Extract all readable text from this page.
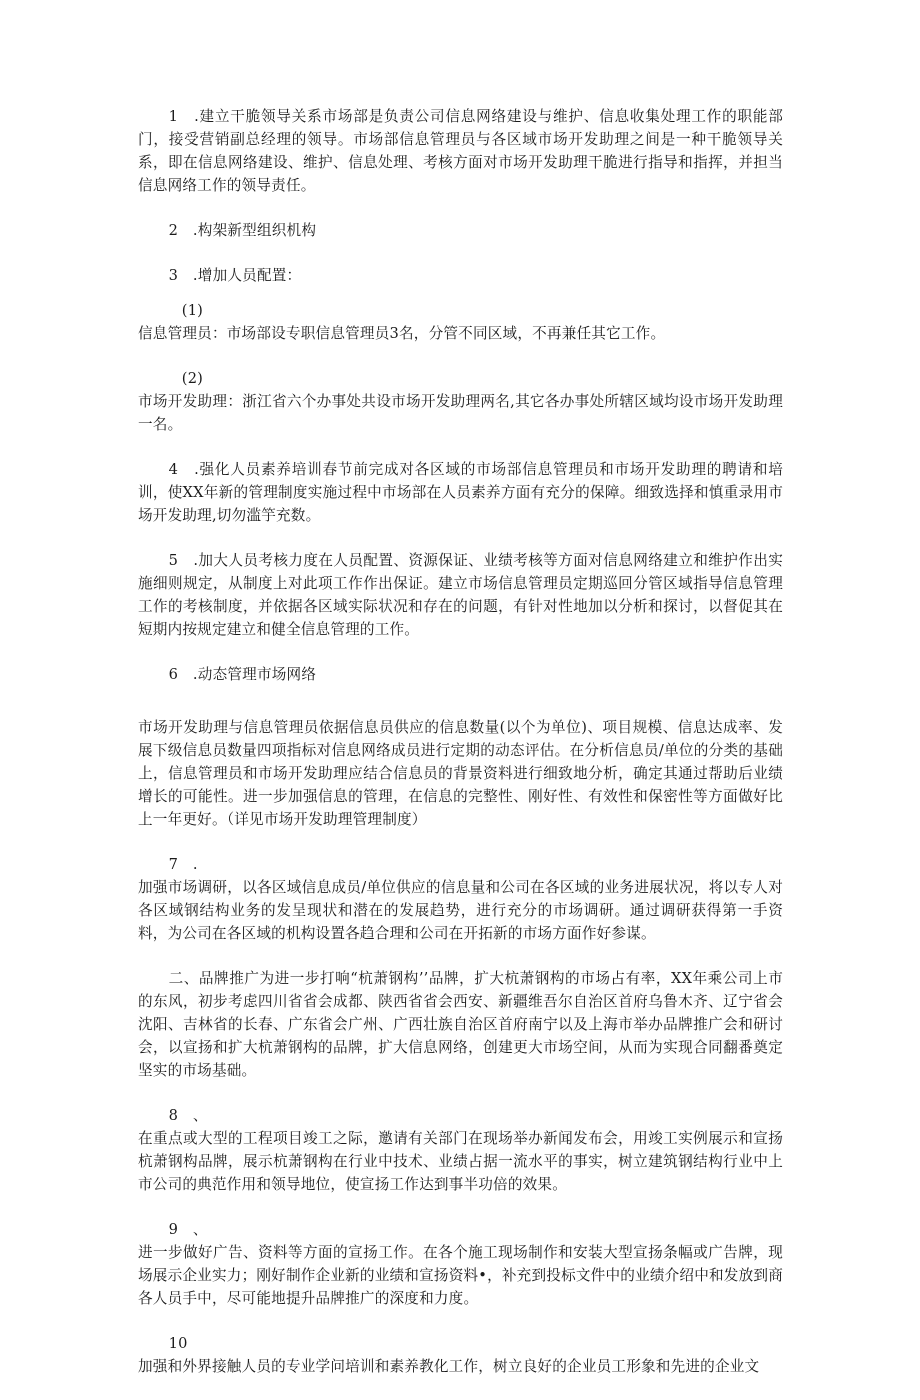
1　.建立干脆领导关系市场部是负责公司信息网络建设与维护、信息收集处理工作的职能部门，接受营销副总经理的领导。市场部信息管理员与各区域市场开发助理之间是一种干脆领导关系，即在信息网络建设、维护、信息处理、考核方面对市场开发助理干脆进行指导和指挥，并担当信息网络工作的领导责任。

2　.构架新型组织机构

3　.增加人员配置：

(1)

信息管理员：市场部设专职信息管理员3名，分管不同区域，不再兼任其它工作。

(2)

市场开发助理：浙江省六个办事处共设市场开发助理两名,其它各办事处所辖区域均设市场开发助理一名。

4　.强化人员素养培训春节前完成对各区域的市场部信息管理员和市场开发助理的聘请和培训，使XX年新的管理制度实施过程中市场部在人员素养方面有充分的保障。细致选择和慎重录用市场开发助理,切勿滥竽充数。

5　.加大人员考核力度在人员配置、资源保证、业绩考核等方面对信息网络建立和维护作出实施细则规定，从制度上对此项工作作出保证。建立市场信息管理员定期巡回分管区域指导信息管理工作的考核制度，并依据各区域实际状况和存在的问题，有针对性地加以分析和探讨，以督促其在短期内按规定建立和健全信息管理的工作。

6　.动态管理市场网络

市场开发助理与信息管理员依据信息员供应的信息数量(以个为单位)、项目规模、信息达成率、发展下级信息员数量四项指标对信息网络成员进行定期的动态评估。在分析信息员/单位的分类的基础上，信息管理员和市场开发助理应结合信息员的背景资料进行细致地分析，确定其通过帮助后业绩增长的可能性。进一步加强信息的管理，在信息的完整性、刚好性、有效性和保密性等方面做好比上一年更好。（详见市场开发助理管理制度）

7　.

加强市场调研，以各区域信息成员/单位供应的信息量和公司在各区域的业务进展状况，将以专人对各区域钢结构业务的发呈现状和潜在的发展趋势，进行充分的市场调研。通过调研获得第一手资料，为公司在各区域的机构设置各趋合理和公司在开拓新的市场方面作好参谋。

二、品牌推广为进一步打响“杭萧钢构’’品牌，扩大杭萧钢构的市场占有率，XX年乘公司上市的东风，初步考虑四川省省会成都、陕西省省会西安、新疆维吾尔自治区首府乌鲁木齐、辽宁省会沈阳、吉林省的长春、广东省会广州、广西壮族自治区首府南宁以及上海市举办品牌推广会和研讨会，以宣扬和扩大杭萧钢构的品牌，扩大信息网络，创建更大市场空间，从而为实现合同翻番奠定坚实的市场基础。

8　、

在重点或大型的工程项目竣工之际，邀请有关部门在现场举办新闻发布会，用竣工实例展示和宣扬杭萧钢构品牌，展示杭萧钢构在行业中技术、业绩占据一流水平的事实，树立建筑钢结构行业中上市公司的典范作用和领导地位，使宣扬工作达到事半功倍的效果。

9　、

进一步做好广告、资料等方面的宣扬工作。在各个施工现场制作和安装大型宣扬条幅或广告牌，现场展示企业实力；刚好制作企业新的业绩和宣扬资料•，补充到投标文件中的业绩介绍中和发放到商各人员手中，尽可能地提升品牌推广的深度和力度。

10

加强和外界接触人员的专业学问培训和素养教化工作，树立良好的企业员工形象和先进的企业文
